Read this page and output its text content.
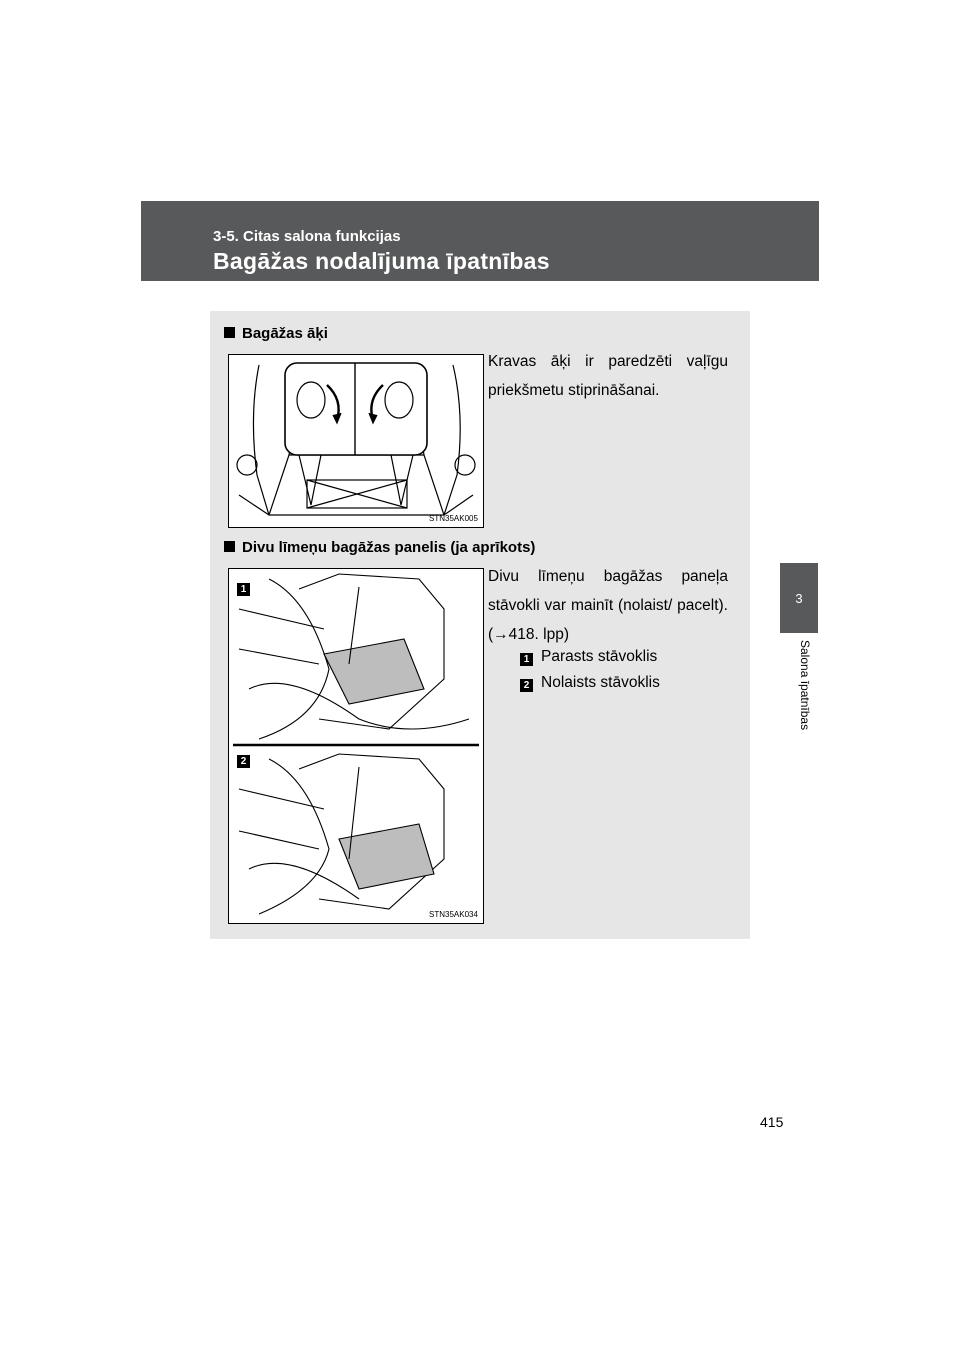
3-5. Citas salona funkcijas
Bagāžas nodalījuma īpatnības
3
Salona īpatnības
Bagāžas āķi
STN35AK005
Kravas āķi ir paredzēti vaļīgu priekšmetu stiprināšanai.
Divu līmeņu bagāžas panelis (ja aprīkots)
1
2
STN35AK034
Divu līmeņu bagāžas paneļa stāvokli var mainīt (nolaist/ pacelt). (→418. lpp)
1 Parasts stāvoklis
2 Nolaists stāvoklis
415
